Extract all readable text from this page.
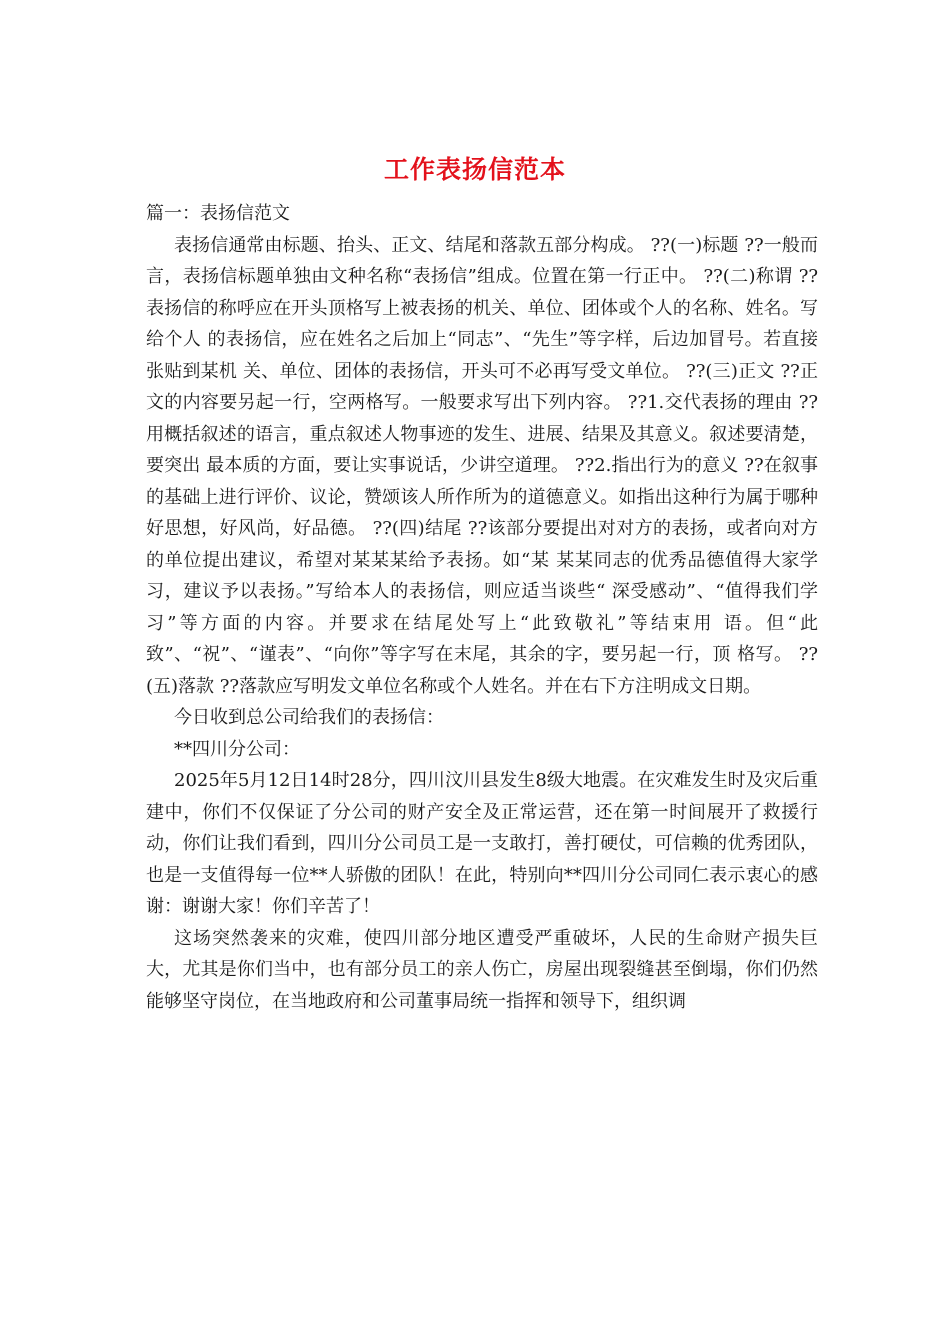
工作表扬信范本

篇一：表扬信范文

表扬信通常由标题、抬头、正文、结尾和落款五部分构成。 ??(一)标题 ??一般而言，表扬信标题单独由文种名称“表扬信”组成。位置在第一行正中。 ??(二)称谓 ??表扬信的称呼应在开头顶格写上被表扬的机关、单位、团体或个人的名称、姓名。写给个人 的表扬信，应在姓名之后加上“同志”、“先生”等字样，后边加冒号。若直接张贴到某机 关、单位、团体的表扬信，开头可不必再写受文单位。 ??(三)正文 ??正文的内容要另起一行，空两格写。一般要求写出下列内容。 ??1.交代表扬的理由 ??用概括叙述的语言，重点叙述人物事迹的发生、进展、结果及其意义。叙述要清楚，要突出 最本质的方面，要让实事说话，少讲空道理。 ??2.指出行为的意义 ??在叙事的基础上进行评价、议论，赞颂该人所作所为的道德意义。如指出这种行为属于哪种 好思想，好风尚，好品德。 ??(四)结尾 ??该部分要提出对对方的表扬，或者向对方的单位提出建议，希望对某某某给予表扬。如“某 某某同志的优秀品德值得大家学习，建议予以表扬。”写给本人的表扬信，则应适当谈些“ 深受感动”、“值得我们学习”等方面的内容。并要求在结尾处写上“此致敬礼”等结束用 语。但“此致”、“祝”、“谨表”、“向你”等字写在末尾，其余的字，要另起一行，顶 格写。 ??(五)落款 ??落款应写明发文单位名称或个人姓名。并在右下方注明成文日期。

今日收到总公司给我们的表扬信：

**四川分公司：

2025年5月12日14时28分，四川汶川县发生8级大地震。在灾难发生时及灾后重建中，你们不仅保证了分公司的财产安全及正常运营，还在第一时间展开了救援行动，你们让我们看到，四川分公司员工是一支敢打，善打硬仗，可信赖的优秀团队，也是一支值得每一位**人骄傲的团队！在此，特别向**四川分公司同仁表示衷心的感谢：谢谢大家！你们辛苦了！

这场突然袭来的灾难，使四川部分地区遭受严重破坏，人民的生命财产损失巨大，尤其是你们当中，也有部分员工的亲人伤亡，房屋出现裂缝甚至倒塌，你们仍然能够坚守岗位，在当地政府和公司董事局统一指挥和领导下，组织调
